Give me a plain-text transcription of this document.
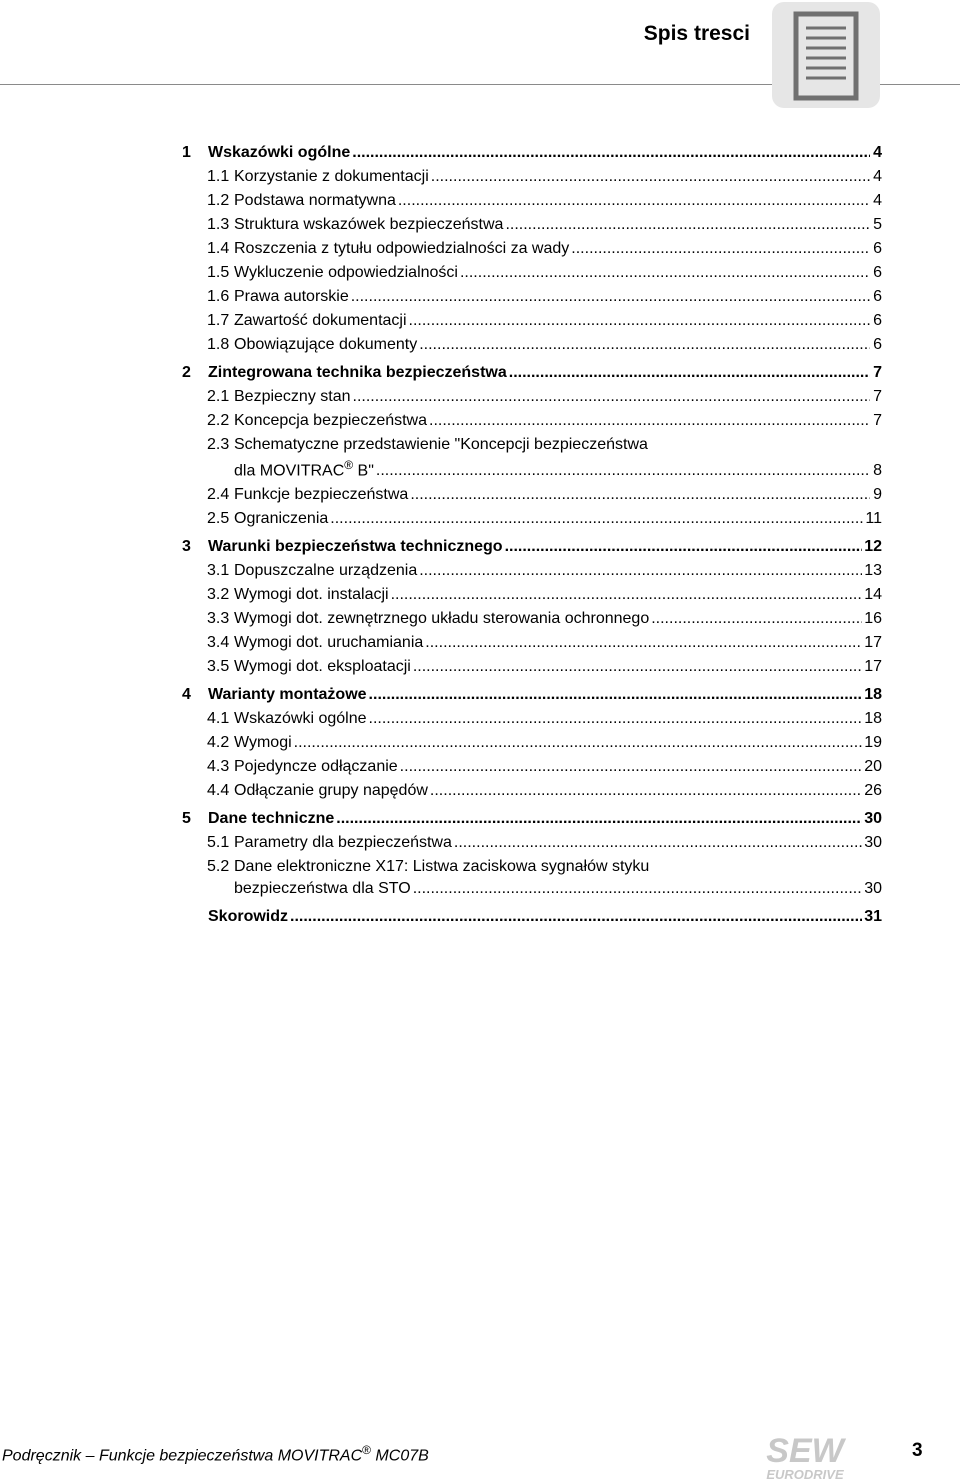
Spis tresci
1	Wskazówki ogólne .....	4
1.1 Korzystanie z dokumentacji .....	4
1.2 Podstawa normatywna .....	4
1.3 Struktura wskazówek bezpieczeństwa .....	5
1.4 Roszczenia z tytułu odpowiedzialności za wady .....	6
1.5 Wykluczenie odpowiedzialności .....	6
1.6 Prawa autorskie .....	6
1.7 Zawartość dokumentacji .....	6
1.8 Obowiązujące dokumenty .....	6
2	Zintegrowana technika bezpieczeństwa .....	7
2.1 Bezpieczny stan .....	7
2.2 Koncepcja bezpieczeństwa .....	7
2.3 Schematyczne przedstawienie "Koncepcji bezpieczeństwa
dla MOVITRAC® B" .....	8
2.4 Funkcje bezpieczeństwa .....	9
2.5 Ograniczenia .....	11
3	Warunki bezpieczeństwa technicznego .....	12
3.1 Dopuszczalne urządzenia .....	13
3.2 Wymogi dot. instalacji .....	14
3.3 Wymogi dot. zewnętrznego układu sterowania ochronnego .....	16
3.4 Wymogi dot. uruchamiania .....	17
3.5 Wymogi dot. eksploatacji .....	17
4	Warianty montażowe .....	18
4.1 Wskazówki ogólne .....	18
4.2 Wymogi .....	19
4.3 Pojedyncze odłączanie .....	20
4.4 Odłączanie grupy napędów .....	26
5	Dane techniczne .....	30
5.1 Parametry dla bezpieczeństwa .....	30
5.2 Dane elektroniczne X17: Listwa zaciskowa sygnałów styku
bezpieczeństwa dla STO .....	30
Skorowidz .....	31
Podręcznik – Funkcje bezpieczeństwa MOVITRAC® MC07B	SEW
EURODRIVE
3
